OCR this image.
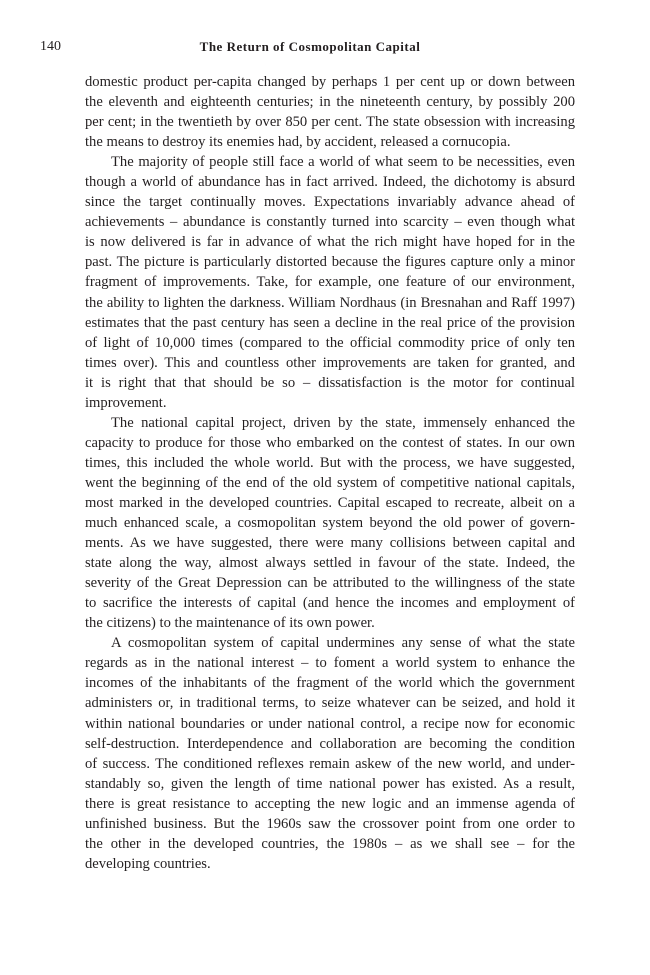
140	The Return of Cosmopolitan Capital
domestic product per-capita changed by perhaps 1 per cent up or down between
the eleventh and eighteenth centuries; in the nineteenth century, by possibly 200
per cent; in the twentieth by over 850 per cent. The state obsession with increasing
the means to destroy its enemies had, by accident, released a cornucopia.
The majority of people still face a world of what seem to be necessities, even
though a world of abundance has in fact arrived. Indeed, the dichotomy is absurd
since the target continually moves. Expectations invariably advance ahead of
achievements – abundance is constantly turned into scarcity – even though what
is now delivered is far in advance of what the rich might have hoped for in the
past. The picture is particularly distorted because the figures capture only a minor
fragment of improvements. Take, for example, one feature of our environment,
the ability to lighten the darkness. William Nordhaus (in Bresnahan and Raff 1997)
estimates that the past century has seen a decline in the real price of the provision
of light of 10,000 times (compared to the official commodity price of only ten
times over). This and countless other improvements are taken for granted, and
it is right that that should be so – dissatisfaction is the motor for continual
improvement.
The national capital project, driven by the state, immensely enhanced the
capacity to produce for those who embarked on the contest of states. In our own
times, this included the whole world. But with the process, we have suggested,
went the beginning of the end of the old system of competitive national capitals,
most marked in the developed countries. Capital escaped to recreate, albeit on a
much enhanced scale, a cosmopolitan system beyond the old power of govern-
ments. As we have suggested, there were many collisions between capital and
state along the way, almost always settled in favour of the state. Indeed, the
severity of the Great Depression can be attributed to the willingness of the state
to sacrifice the interests of capital (and hence the incomes and employment of
the citizens) to the maintenance of its own power.
A cosmopolitan system of capital undermines any sense of what the state
regards as in the national interest – to foment a world system to enhance the
incomes of the inhabitants of the fragment of the world which the government
administers or, in traditional terms, to seize whatever can be seized, and hold it
within national boundaries or under national control, a recipe now for economic
self-destruction. Interdependence and collaboration are becoming the condition
of success. The conditioned reflexes remain askew of the new world, and under-
standably so, given the length of time national power has existed. As a result,
there is great resistance to accepting the new logic and an immense agenda of
unfinished business. But the 1960s saw the crossover point from one order to
the other in the developed countries, the 1980s – as we shall see – for the
developing countries.
